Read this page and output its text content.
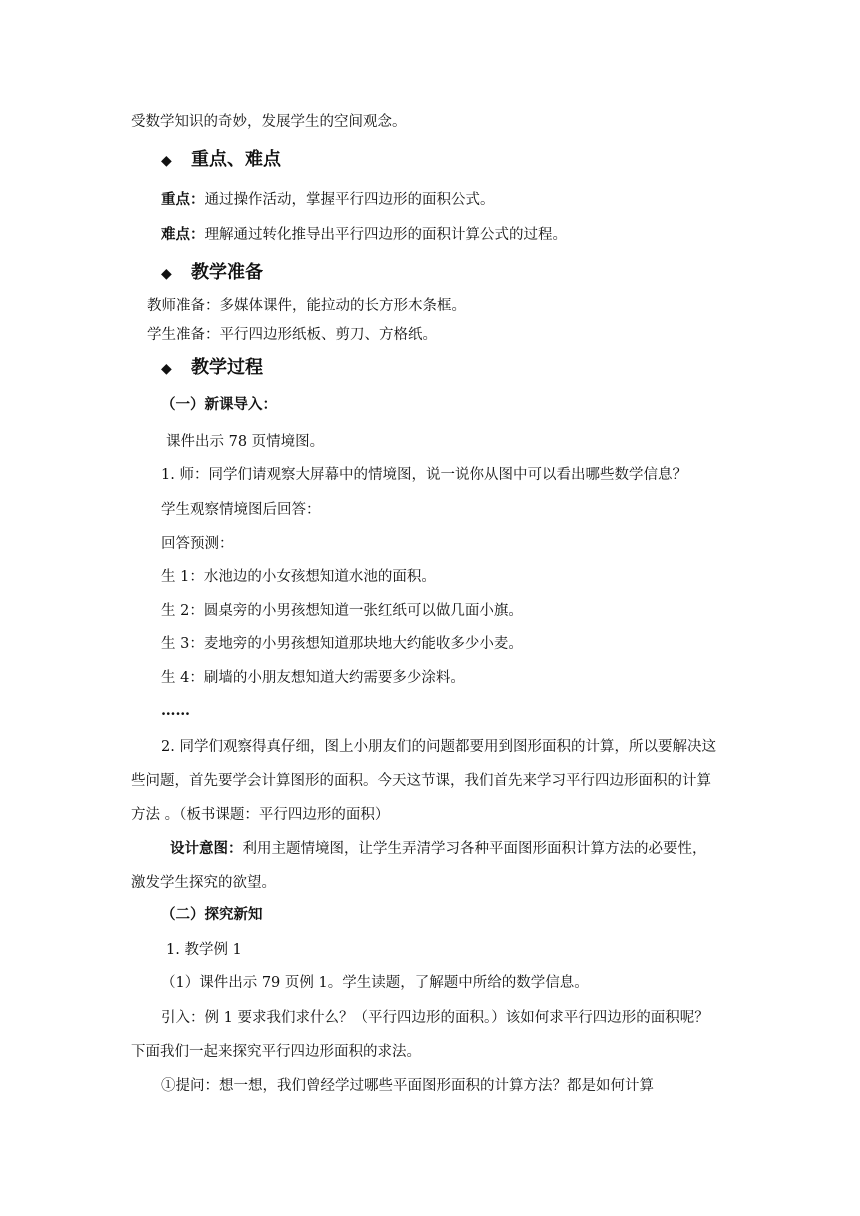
受数学知识的奇妙，发展学生的空间观念。
◆ 重点、难点
重点：通过操作活动，掌握平行四边形的面积公式。
难点：理解通过转化推导出平行四边形的面积计算公式的过程。
◆ 教学准备
教师准备：多媒体课件，能拉动的长方形木条框。
学生准备：平行四边形纸板、剪刀、方格纸。
◆ 教学过程
（一）新课导入：
课件出示 78 页情境图。
1. 师：同学们请观察大屏幕中的情境图，说一说你从图中可以看出哪些数学信息？
学生观察情境图后回答：
回答预测：
生 1：水池边的小女孩想知道水池的面积。
生 2：圆桌旁的小男孩想知道一张红纸可以做几面小旗。
生 3：麦地旁的小男孩想知道那块地大约能收多少小麦。
生 4：刷墙的小朋友想知道大约需要多少涂料。
……
2. 同学们观察得真仔细，图上小朋友们的问题都要用到图形面积的计算，所以要解决这
些问题，首先要学会计算图形的面积。今天这节课，我们首先来学习平行四边形面积的计算
方法 。（板书课题：平行四边形的面积）
设计意图：利用主题情境图，让学生弄清学习各种平面图形面积计算方法的必要性，
激发学生探究的欲望。
（二）探究新知
1. 教学例 1
（1）课件出示 79 页例 1。学生读题，了解题中所给的数学信息。
引入：例 1 要求我们求什么？（平行四边形的面积。）该如何求平行四边形的面积呢？
下面我们一起来探究平行四边形面积的求法。
①提问：想一想，我们曾经学过哪些平面图形面积的计算方法？都是如何计算
